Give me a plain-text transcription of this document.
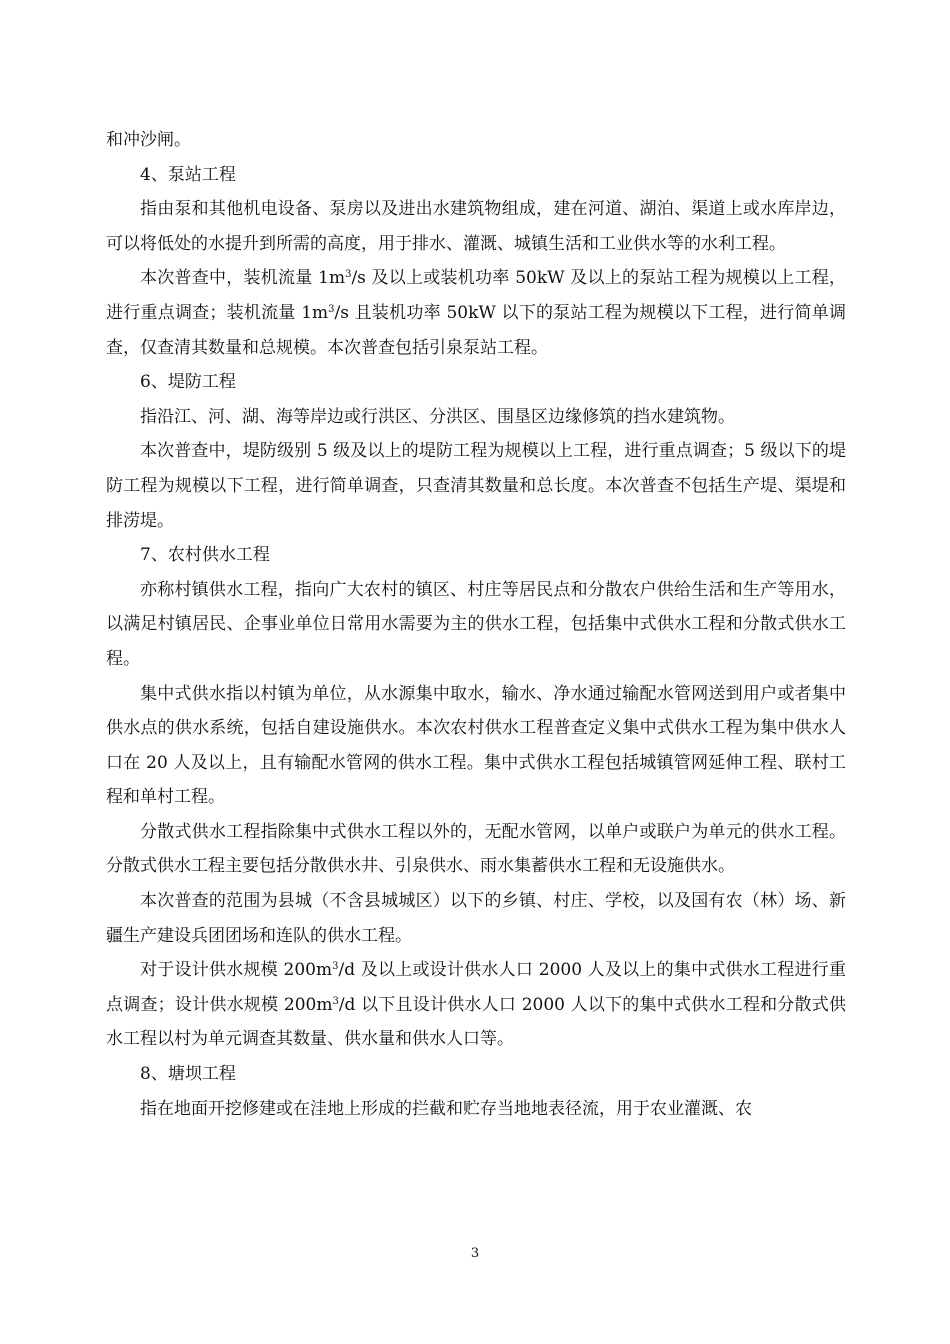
和冲沙闸。

4、泵站工程

指由泵和其他机电设备、泵房以及进出水建筑物组成，建在河道、湖泊、渠道上或水库岸边，可以将低处的水提升到所需的高度，用于排水、灌溉、城镇生活和工业供水等的水利工程。

本次普查中，装机流量 $1m^3/s$ 及以上或装机功率 50kW 及以上的泵站工程为规模以上工程，进行重点调查；装机流量 $1m^3/s$ 且装机功率 50kW 以下的泵站工程为规模以下工程，进行简单调查，仅查清其数量和总规模。本次普查包括引泉泵站工程。

6、堤防工程

指沿江、河、湖、海等岸边或行洪区、分洪区、围垦区边缘修筑的挡水建筑物。

本次普查中，堤防级别 5 级及以上的堤防工程为规模以上工程，进行重点调查；5 级以下的堤防工程为规模以下工程，进行简单调查，只查清其数量和总长度。本次普查不包括生产堤、渠堤和排涝堤。

7、农村供水工程

亦称村镇供水工程，指向广大农村的镇区、村庄等居民点和分散农户供给生活和生产等用水，以满足村镇居民、企事业单位日常用水需要为主的供水工程，包括集中式供水工程和分散式供水工程。

集中式供水指以村镇为单位，从水源集中取水，输水、净水通过输配水管网送到用户或者集中供水点的供水系统，包括自建设施供水。本次农村供水工程普查定义集中式供水工程为集中供水人口在 20 人及以上，且有输配水管网的供水工程。集中式供水工程包括城镇管网延伸工程、联村工程和单村工程。

分散式供水工程指除集中式供水工程以外的，无配水管网，以单户或联户为单元的供水工程。分散式供水工程主要包括分散供水井、引泉供水、雨水集蓄供水工程和无设施供水。

本次普查的范围为县城（不含县城城区）以下的乡镇、村庄、学校，以及国有农（林）场、新疆生产建设兵团团场和连队的供水工程。

对于设计供水规模 $200m^3/d$ 及以上或设计供水人口 2000 人及以上的集中式供水工程进行重点调查；设计供水规模 $200m^3/d$ 以下且设计供水人口 2000 人以下的集中式供水工程和分散式供水工程以村为单元调查其数量、供水量和供水人口等。

8、塘坝工程

指在地面开挖修建或在洼地上形成的拦截和贮存当地地表径流，用于农业灌溉、农

3
